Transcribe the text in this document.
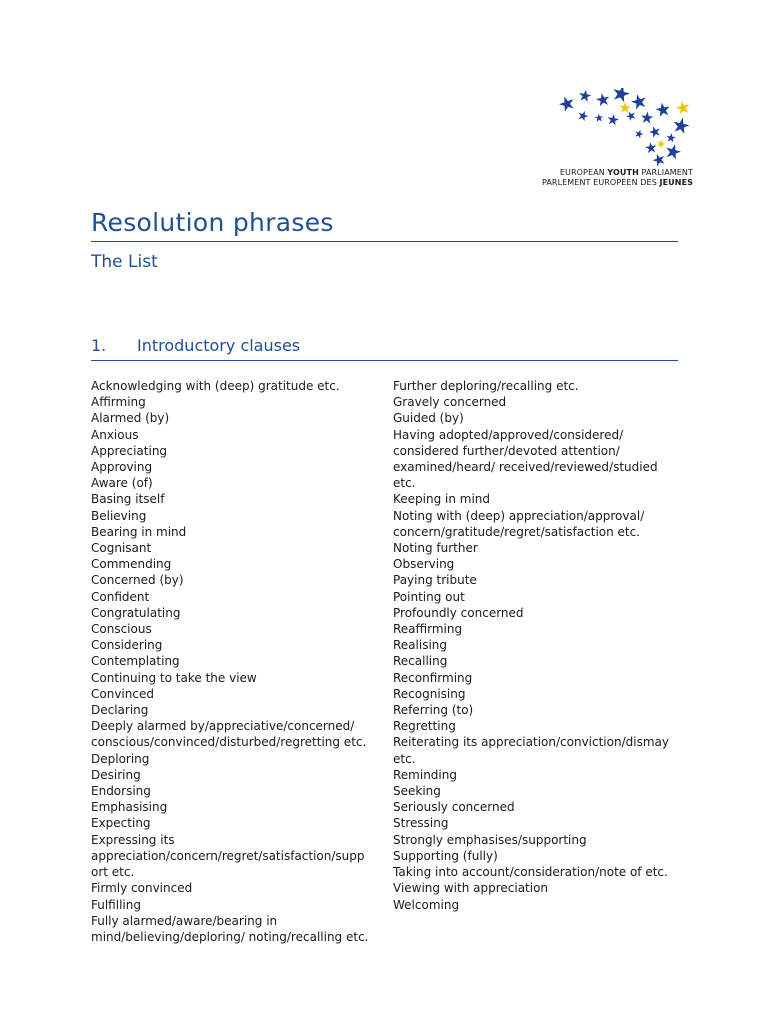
EUROPEAN YOUTH PARLIAMENT
PARLEMENT EUROPÉEN DES JEUNES
Resolution phrases
The List
1. Introductory clauses
Acknowledging with (deep) gratitude etc.
Affirming
Alarmed (by)
Anxious
Appreciating
Approving
Aware (of)
Basing itself
Believing
Bearing in mind
Cognisant
Commending
Concerned (by)
Confident
Congratulating
Conscious
Considering
Contemplating
Continuing to take the view
Convinced
Declaring
Deeply alarmed by/appreciative/concerned/
conscious/convinced/disturbed/regretting etc.
Deploring
Desiring
Endorsing
Emphasising
Expecting
Expressing its
appreciation/concern/regret/satisfaction/supp
ort etc.
Firmly convinced
Fulfilling
Fully alarmed/aware/bearing in
mind/believing/deploring/ noting/recalling etc.
Further deploring/recalling etc.
Gravely concerned
Guided (by)
Having adopted/approved/considered/
considered further/devoted attention/
examined/heard/ received/reviewed/studied
etc.
Keeping in mind
Noting with (deep) appreciation/approval/
concern/gratitude/regret/satisfaction etc.
Noting further
Observing
Paying tribute
Pointing out
Profoundly concerned
Reaffirming
Realising
Recalling
Reconfirming
Recognising
Referring (to)
Regretting
Reiterating its appreciation/conviction/dismay
etc.
Reminding
Seeking
Seriously concerned
Stressing
Strongly emphasises/supporting
Supporting (fully)
Taking into account/consideration/note of etc.
Viewing with appreciation
Welcoming
